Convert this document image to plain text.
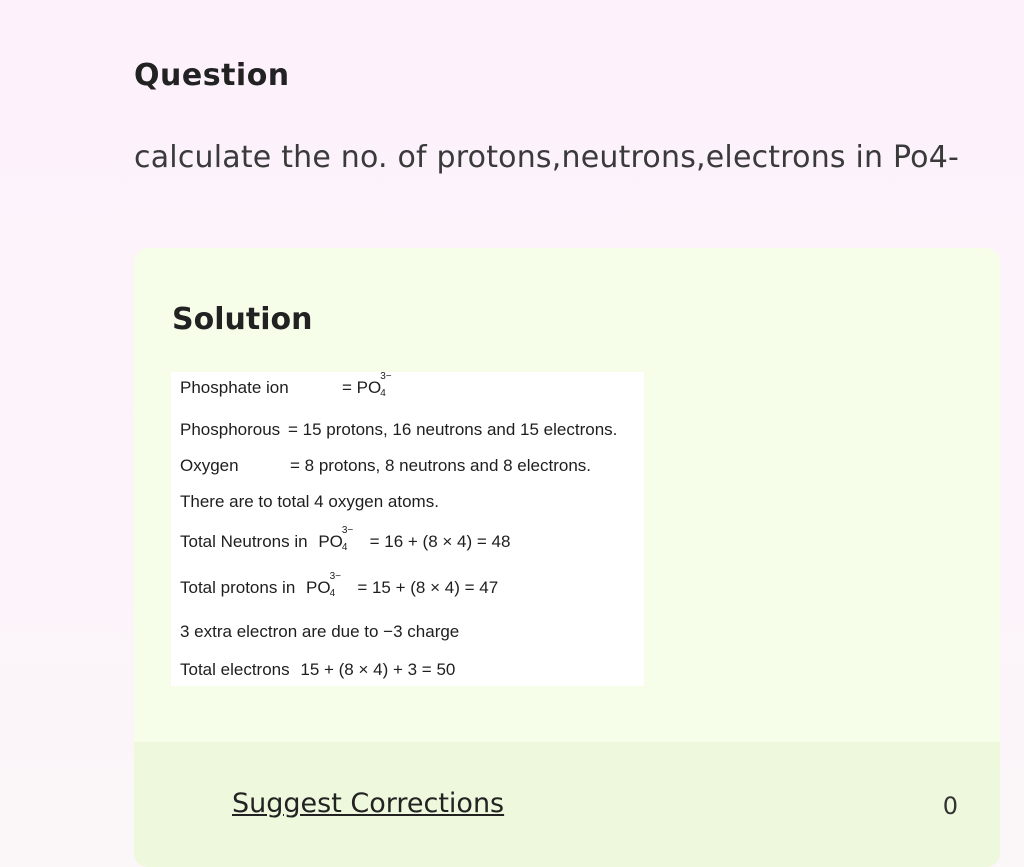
Question
calculate the no. of protons,neutrons,electrons in Po4-
Solution
Phosphate ion	= PO
3−
4
Phosphorous = 15 protons, 16 neutrons and 15 electrons.
Oxygen	= 8 protons, 8 neutrons and 8 electrons.
There are to total 4 oxygen atoms.
Total Neutrons in PO
3−
4 = 16 + (8 × 4) = 48
Total protons in PO
3−
4 = 15 + (8 × 4) = 47
3 extra electron are due to −3 charge
Total electrons 15 + (8 × 4) + 3 = 50
Suggest Corrections	0
